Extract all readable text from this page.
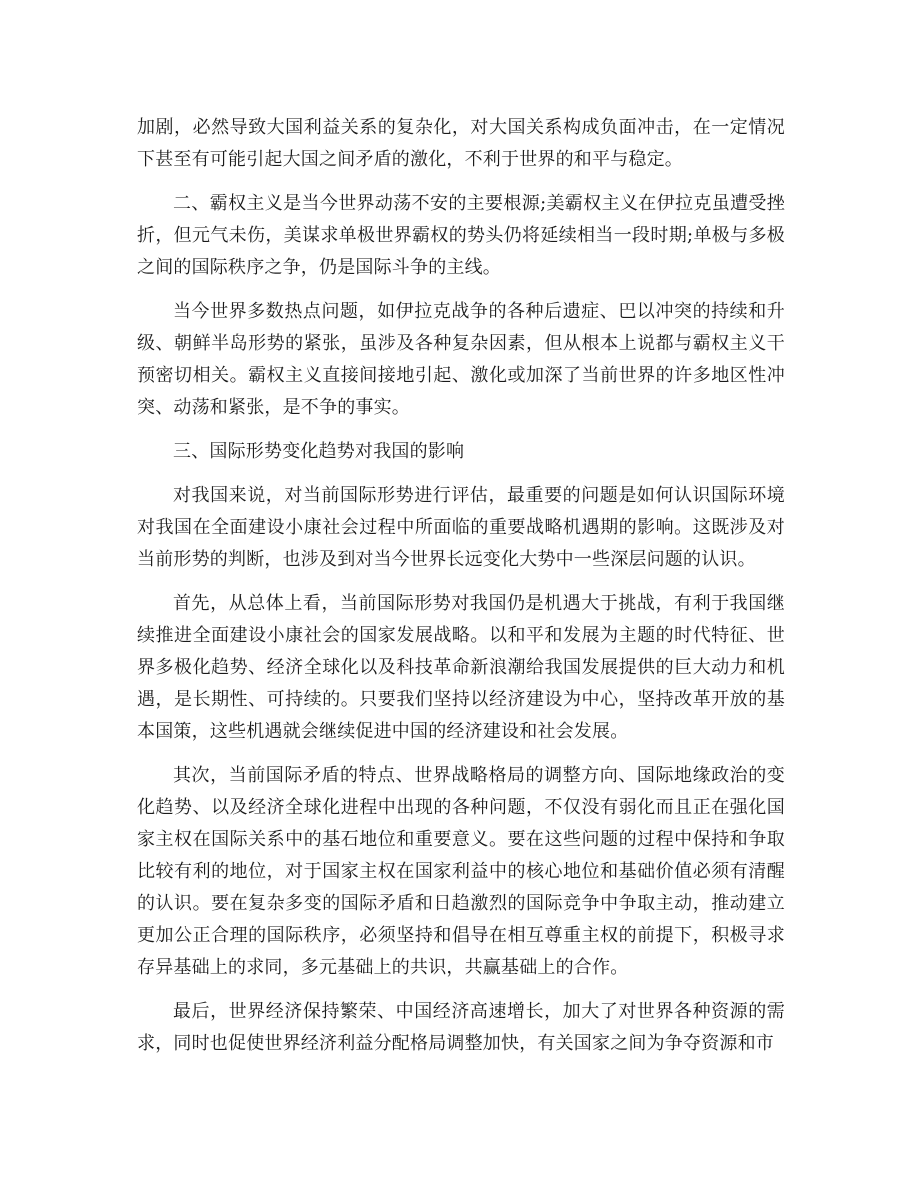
加剧，必然导致大国利益关系的复杂化，对大国关系构成负面冲击，在一定情况下甚至有可能引起大国之间矛盾的激化，不利于世界的和平与稳定。

二、霸权主义是当今世界动荡不安的主要根源;美霸权主义在伊拉克虽遭受挫折，但元气未伤，美谋求单极世界霸权的势头仍将延续相当一段时期;单极与多极之间的国际秩序之争，仍是国际斗争的主线。

当今世界多数热点问题，如伊拉克战争的各种后遗症、巴以冲突的持续和升级、朝鲜半岛形势的紧张，虽涉及各种复杂因素，但从根本上说都与霸权主义干预密切相关。霸权主义直接间接地引起、激化或加深了当前世界的许多地区性冲突、动荡和紧张，是不争的事实。

三、国际形势变化趋势对我国的影响

对我国来说，对当前国际形势进行评估，最重要的问题是如何认识国际环境对我国在全面建设小康社会过程中所面临的重要战略机遇期的影响。这既涉及对当前形势的判断，也涉及到对当今世界长远变化大势中一些深层问题的认识。

首先，从总体上看，当前国际形势对我国仍是机遇大于挑战，有利于我国继续推进全面建设小康社会的国家发展战略。以和平和发展为主题的时代特征、世界多极化趋势、经济全球化以及科技革命新浪潮给我国发展提供的巨大动力和机遇，是长期性、可持续的。只要我们坚持以经济建设为中心，坚持改革开放的基本国策，这些机遇就会继续促进中国的经济建设和社会发展。

其次，当前国际矛盾的特点、世界战略格局的调整方向、国际地缘政治的变化趋势、以及经济全球化进程中出现的各种问题，不仅没有弱化而且正在强化国家主权在国际关系中的基石地位和重要意义。要在这些问题的过程中保持和争取比较有利的地位，对于国家主权在国家利益中的核心地位和基础价值必须有清醒的认识。要在复杂多变的国际矛盾和日趋激烈的国际竞争中争取主动，推动建立更加公正合理的国际秩序，必须坚持和倡导在相互尊重主权的前提下，积极寻求存异基础上的求同，多元基础上的共识，共赢基础上的合作。

最后，世界经济保持繁荣、中国经济高速增长，加大了对世界各种资源的需求，同时也促使世界经济利益分配格局调整加快，有关国家之间为争夺资源和市
